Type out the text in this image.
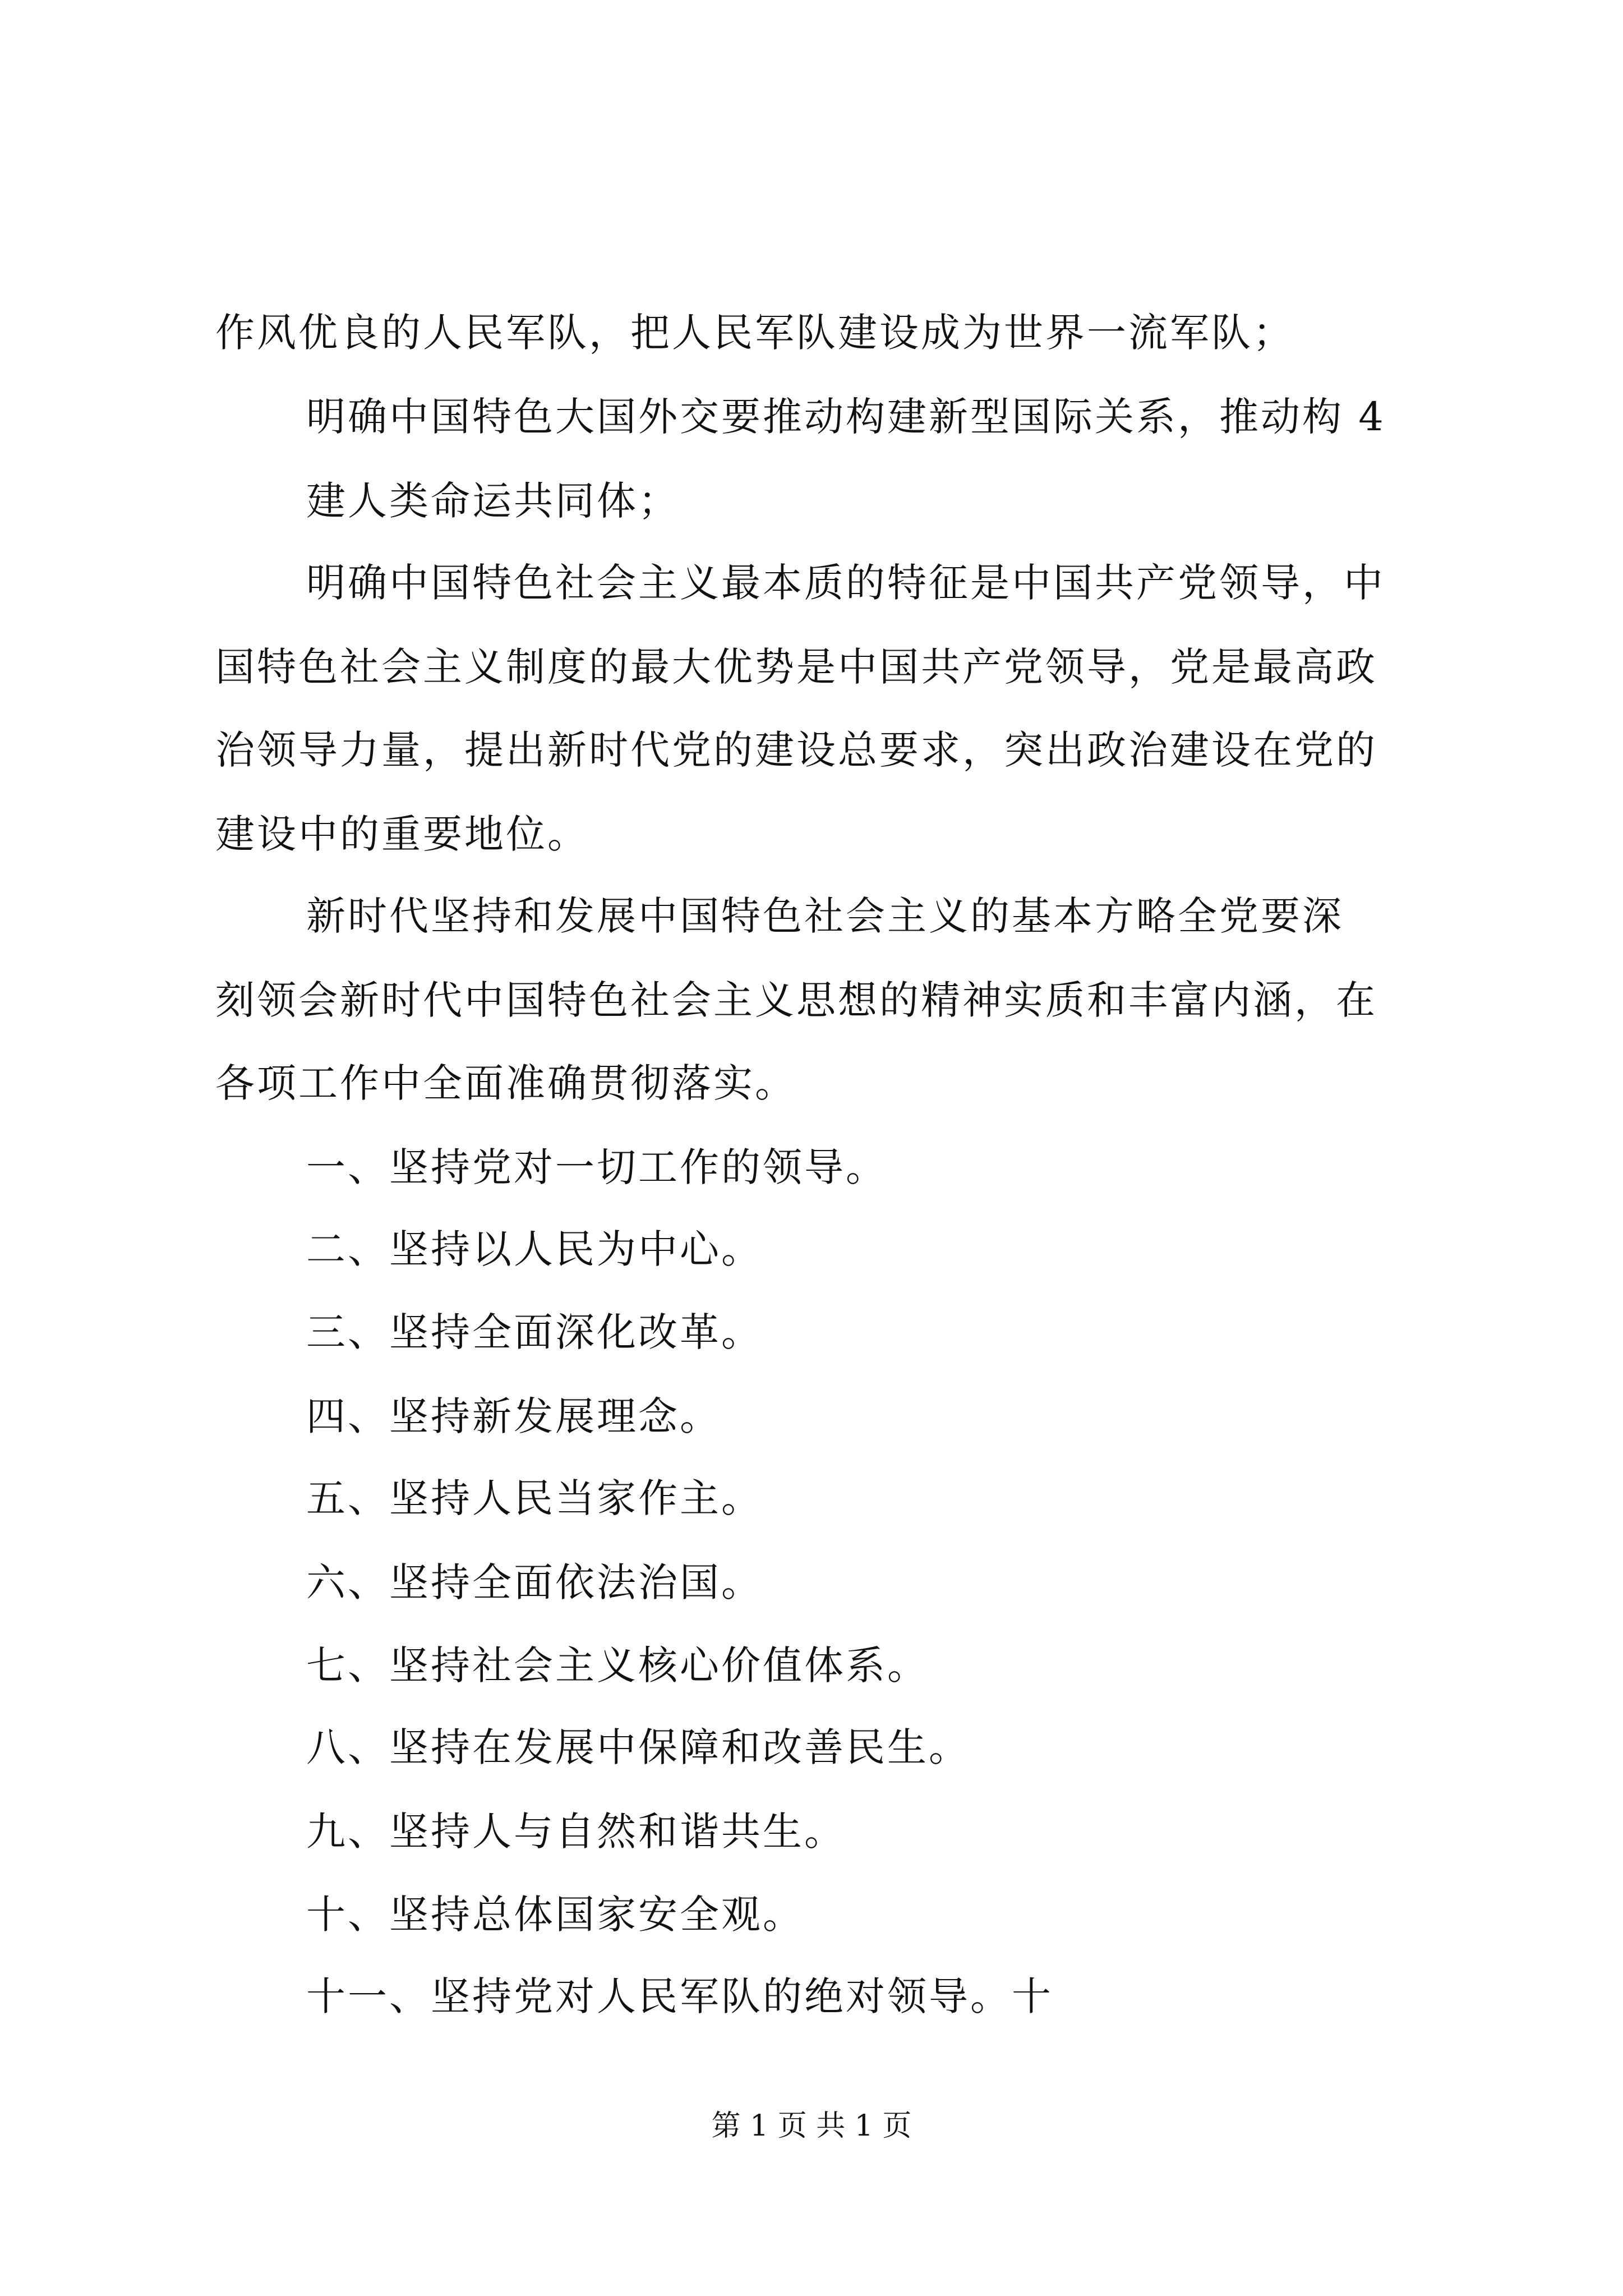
作风优良的人民军队，把人民军队建设成为世界一流军队；
明确中国特色大国外交要推动构建新型国际关系，推动构 4
建人类命运共同体；
明确中国特色社会主义最本质的特征是中国共产党领导，中
国特色社会主义制度的最大优势是中国共产党领导，党是最高政
治领导力量，提出新时代党的建设总要求，突出政治建设在党的
建设中的重要地位。
新时代坚持和发展中国特色社会主义的基本方略全党要深
刻领会新时代中国特色社会主义思想的精神实质和丰富内涵，在
各项工作中全面准确贯彻落实。
一、坚持党对一切工作的领导。
二、坚持以人民为中心。
三、坚持全面深化改革。
四、坚持新发展理念。
五、坚持人民当家作主。
六、坚持全面依法治国。
七、坚持社会主义核心价值体系。
八、坚持在发展中保障和改善民生。
九、坚持人与自然和谐共生。
十、坚持总体国家安全观。
十一、坚持党对人民军队的绝对领导。十
第 1 页 共 1 页
